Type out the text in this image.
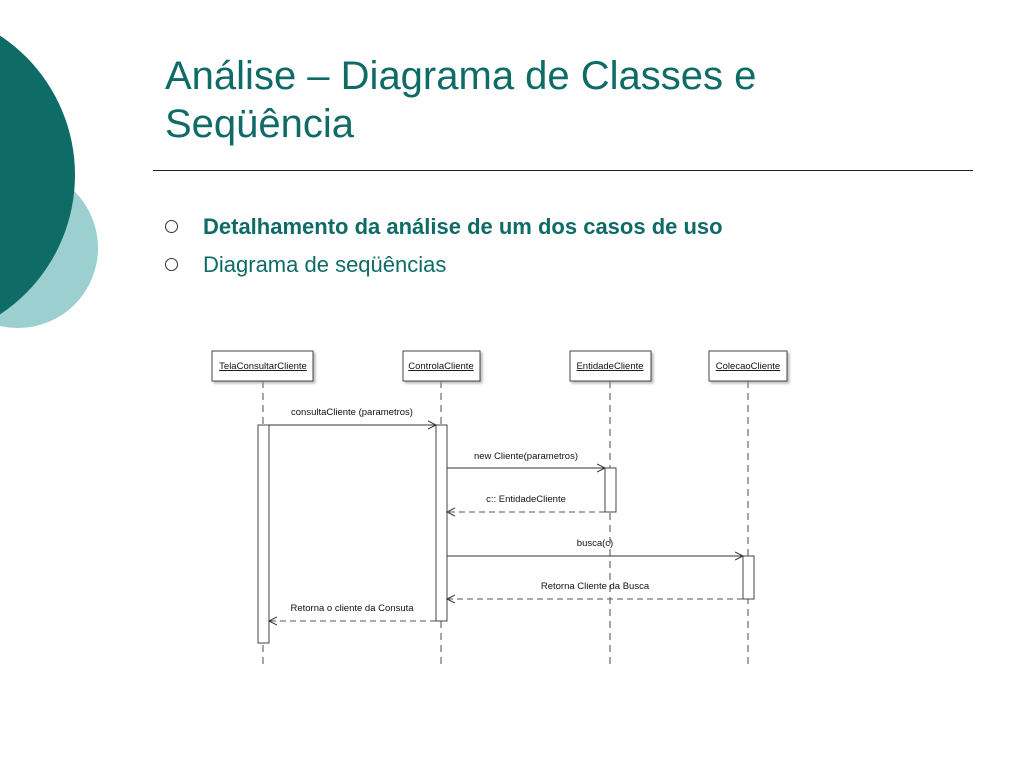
Análise – Diagrama de Classes e Seqüência
Detalhamento da análise de um dos casos de uso
Diagrama de seqüências
TelaConsultarCliente	ControlaCliente	EntidadeCliente	ColecaoCliente
consultaCliente (parametros)
new Cliente(parametros)
c:: EntidadeCliente
busca(c)
Retorna Cliente da Busca
Retorna o cliente da Consuta
